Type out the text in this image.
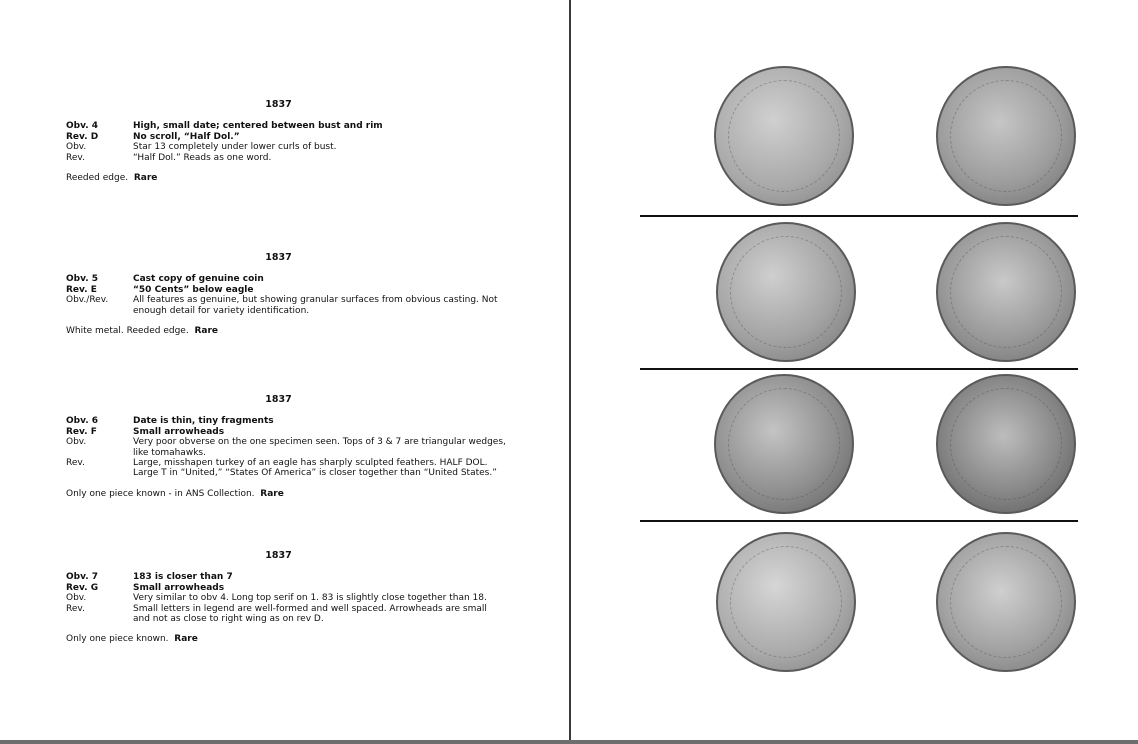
1837
Obv. 4	High, small date; centered between bust and rim
Rev. D	No scroll, “Half Dol.”
Obv.	Star 13 completely under lower curls of bust.
Rev.	“Half Dol.” Reads as one word.
Reeded edge. Rare
1837
Obv. 5	Cast copy of genuine coin
Rev. E	“50 Cents” below eagle
Obv./Rev.	All features as genuine, but showing granular surfaces from obvious casting. Not enough detail for variety identification.
White metal. Reeded edge. Rare
1837
Obv. 6	Date is thin, tiny fragments
Rev. F	Small arrowheads
Obv.	Very poor obverse on the one specimen seen. Tops of 3 & 7 are triangular wedges, like tomahawks.
Rev.	Large, misshapen turkey of an eagle has sharply sculpted feathers. HALF DOL. Large T in “United,” “States Of America” is closer together than “United States.”
Only one piece known - in ANS Collection. Rare
1837
Obv. 7	183 is closer than 7
Rev. G	Small arrowheads
Obv.	Very similar to obv 4. Long top serif on 1. 83 is slightly close together than 18.
Rev.	Small letters in legend are well-formed and well spaced. Arrowheads are small and not as close to right wing as on rev D.
Only one piece known. Rare
